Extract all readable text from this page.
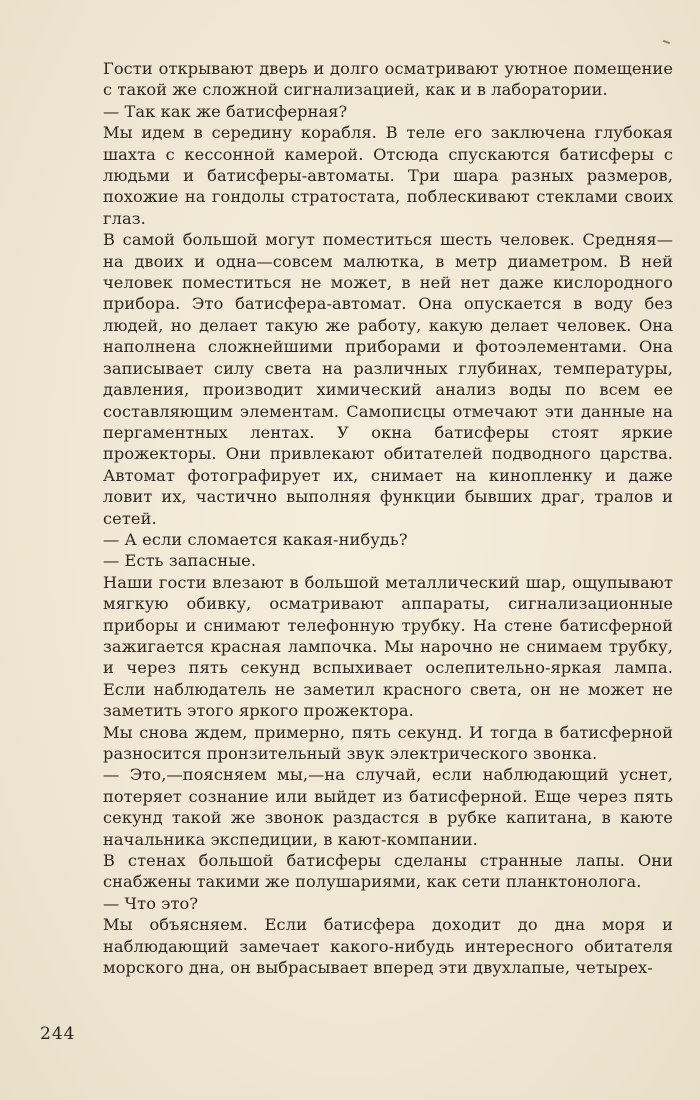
Гости открывают дверь и долго осматривают уютное помещение с такой же сложной сигнализацией, как и в лаборатории.

— Так как же батисферная?

Мы идем в середину корабля. В теле его заключена глубокая шахта с кессонной камерой. Отсюда спускаются батисферы с людьми и батисферы-автоматы. Три шара разных размеров, похожие на гондолы стратостата, поблескивают стеклами своих глаз.

В самой большой могут поместиться шесть человек. Средняя—на двоих и одна—совсем малютка, в метр диаметром. В ней человек поместиться не может, в ней нет даже кислородного прибора. Это батисфера-автомат. Она опускается в воду без людей, но делает такую же работу, какую делает человек. Она наполнена сложнейшими приборами и фотоэлементами. Она записывает силу света на различных глубинах, температуры, давления, производит химический анализ воды по всем ее составляющим элементам. Самописцы отмечают эти данные на пергаментных лентах. У окна батисферы стоят яркие прожекторы. Они привлекают обитателей подводного царства. Автомат фотографирует их, снимает на кинопленку и даже ловит их, частично выполняя функции бывших драг, тралов и сетей.

— А если сломается какая-нибудь?

— Есть запасные.

Наши гости влезают в большой металлический шар, ощупывают мягкую обивку, осматривают аппараты, сигнализационные приборы и снимают телефонную трубку. На стене батисферной зажигается красная лампочка. Мы нарочно не снимаем трубку, и через пять секунд вспыхивает ослепительно-яркая лампа. Если наблюдатель не заметил красного света, он не может не заметить этого яркого прожектора.

Мы снова ждем, примерно, пять секунд. И тогда в батисферной разносится пронзительный звук электрического звонка.

— Это,—поясняем мы,—на случай, если наблюдающий уснет, потеряет сознание или выйдет из батисферной. Еще через пять секунд такой же звонок раздастся в рубке капитана, в каюте начальника экспедиции, в кают-компании.

В стенах большой батисферы сделаны странные лапы. Они снабжены такими же полушариями, как сети планктонолога.

— Что это?

Мы объясняем. Если батисфера доходит до дна моря и наблюдающий замечает какого-нибудь интересного обитателя морского дна, он выбрасывает вперед эти двухлапые, четырех-

244
